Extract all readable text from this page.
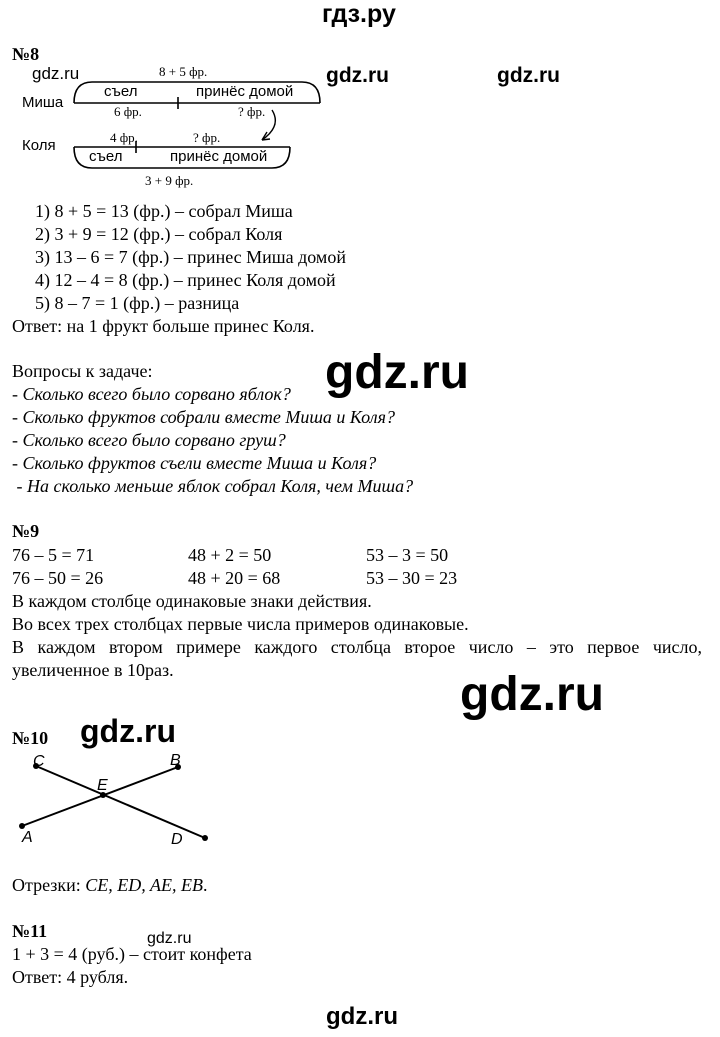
гдз.ру
gdz.ru	gdz.ru	gdz.ru
gdz.ru
gdz.ru
gdz.ru
gdz.ru
gdz.ru
№8
Миша
Коля
8 + 5 фр.
съел	принёс домой
6 фр.	? фр.
4 фр.	? фр.
съел	принёс домой
3 + 9 фр.
1) 8 + 5 = 13 (фр.) – собрал Миша
2) 3 + 9 = 12 (фр.) – собрал Коля
3) 13 – 6 = 7 (фр.) – принес Миша домой
4) 12 – 4 = 8 (фр.) – принес Коля домой
5) 8 – 7 = 1 (фр.) – разница
Ответ: на 1 фрукт больше принес Коля.
Вопросы к задаче:
- Сколько всего было сорвано яблок?
- Сколько фруктов собрали вместе Миша и Коля?
- Сколько всего было сорвано груш?
- Сколько фруктов съели вместе Миша и Коля?
- На сколько меньше яблок собрал Коля, чем Миша?
№9
76 – 5 = 71	48 + 2 = 50	53 – 3 = 50
76 – 50 = 26	48 + 20 = 68	53 – 30 = 23
В каждом столбце одинаковые знаки действия.
Во всех трех столбцах первые числа примеров одинаковые.
В каждом втором примере каждого столбца второе число – это первое число,
увеличенное в 10раз.
№10
C	B
E
A	D
Отрезки: CE, ED, AE, EB.
№11
1 + 3 = 4 (руб.) – стоит конфета
Ответ: 4 рубля.
